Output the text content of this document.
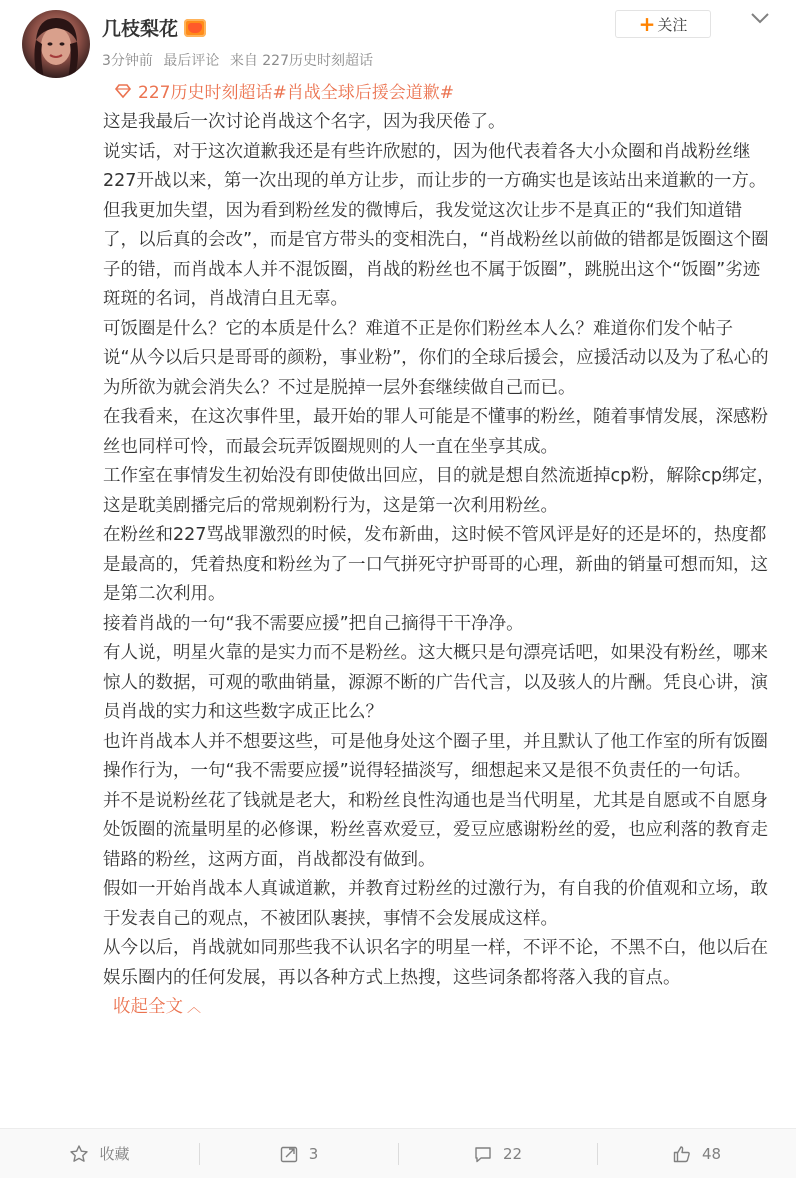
几枝梨花
3分钟前 最后评论 来自 227历史时刻超话
+ 关注
227历史时刻超话#肖战全球后援会道歉#

这是我最后一次讨论肖战这个名字，因为我厌倦了。

说实话，对于这次道歉我还是有些许欣慰的，因为他代表着各大小众圈和肖战粉丝继227开战以来，第一次出现的单方让步，而让步的一方确实也是该站出来道歉的一方。

但我更加失望，因为看到粉丝发的微博后，我发觉这次让步不是真正的“我们知道错了，以后真的会改”，而是官方带头的变相洗白，“肖战粉丝以前做的错都是饭圈这个圈子的错，而肖战本人并不混饭圈，肖战的粉丝也不属于饭圈”，跳脱出这个“饭圈”劣迹斑斑的名词，肖战清白且无辜。

可饭圈是什么？它的本质是什么？难道不正是你们粉丝本人么？难道你们发个帖子说“从今以后只是哥哥的颜粉，事业粉”，你们的全球后援会，应援活动以及为了私心的为所欲为就会消失么？不过是脱掉一层外套继续做自己而已。

在我看来，在这次事件里，最开始的罪人可能是不懂事的粉丝，随着事情发展，深感粉丝也同样可怜，而最会玩弄饭圈规则的人一直在坐享其成。

工作室在事情发生初始没有即使做出回应，目的就是想自然流逝掉cp粉，解除cp绑定，这是耽美剧播完后的常规剃粉行为，这是第一次利用粉丝。

在粉丝和227骂战罪激烈的时候，发布新曲，这时候不管风评是好的还是坏的，热度都是最高的，凭着热度和粉丝为了一口气拼死守护哥哥的心理，新曲的销量可想而知，这是第二次利用。

接着肖战的一句“我不需要应援”把自己摘得干干净净。

有人说，明星火靠的是实力而不是粉丝。这大概只是句漂亮话吧，如果没有粉丝，哪来惊人的数据，可观的歌曲销量，源源不断的广告代言，以及骇人的片酬。凭良心讲，演员肖战的实力和这些数字成正比么？

也许肖战本人并不想要这些，可是他身处这个圈子里，并且默认了他工作室的所有饭圈操作行为，一句“我不需要应援”说得轻描淡写，细想起来又是很不负责任的一句话。

并不是说粉丝花了钱就是老大，和粉丝良性沟通也是当代明星，尤其是自愿或不自愿身处饭圈的流量明星的必修课，粉丝喜欢爱豆，爱豆应感谢粉丝的爱，也应利落的教育走错路的粉丝，这两方面，肖战都没有做到。

假如一开始肖战本人真诚道歉，并教育过粉丝的过激行为，有自我的价值观和立场，敢于发表自己的观点，不被团队裹挟，事情不会发展成这样。

从今以后，肖战就如同那些我不认识名字的明星一样，不评不论，不黑不白，他以后在娱乐圈内的任何发展，再以各种方式上热搜，这些词条都将落入我的盲点。收起全文 ︿

收藏	3	22	48
